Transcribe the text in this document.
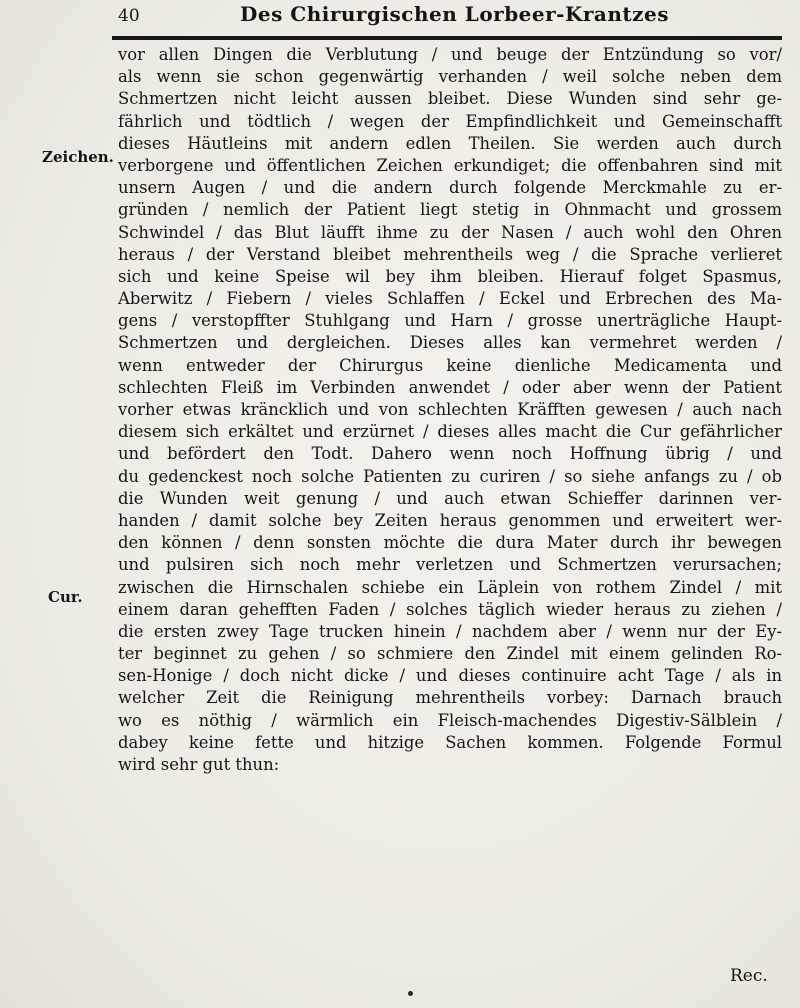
40	Des Chirurgischen Lorbeer-Krantzes
Zeichen.
Cur.
vor allen Dingen die Verblutung / und beuge der Entzündung so vor/
als wenn sie schon gegenwärtig verhanden / weil solche neben dem
Schmertzen nicht leicht aussen bleibet. Diese Wunden sind sehr ge-
fährlich und tödtlich / wegen der Empfindlichkeit und Gemeinschafft
dieses Häutleins mit andern edlen Theilen. Sie werden auch durch
verborgene und öffentlichen Zeichen erkundiget; die offenbahren sind mit
unsern Augen / und die andern durch folgende Merckmahle zu er-
gründen / nemlich der Patient liegt stetig in Ohnmacht und grossem
Schwindel / das Blut läufft ihme zu der Nasen / auch wohl den Ohren
heraus / der Verstand bleibet mehrentheils weg / die Sprache verlieret
sich und keine Speise wil bey ihm bleiben. Hierauf folget Spasmus,
Aberwitz / Fiebern / vieles Schlaffen / Eckel und Erbrechen des Ma-
gens / verstopffter Stuhlgang und Harn / grosse unerträgliche Haupt-
Schmertzen und dergleichen. Dieses alles kan vermehret werden /
wenn entweder der Chirurgus keine dienliche Medicamenta und
schlechten Fleiß im Verbinden anwendet / oder aber wenn der Patient
vorher etwas kräncklich und von schlechten Kräfften gewesen / auch nach
diesem sich erkältet und erzürnet / dieses alles macht die Cur gefährlicher
und befördert den Todt. Dahero wenn noch Hoffnung übrig / und
du gedenckest noch solche Patienten zu curiren / so siehe anfangs zu / ob
die Wunden weit genung / und auch etwan Schieffer darinnen ver-
handen / damit solche bey Zeiten heraus genommen und erweitert wer-
den können / denn sonsten möchte die dura Mater durch ihr bewegen
und pulsiren sich noch mehr verletzen und Schmertzen verursachen;
zwischen die Hirnschalen schiebe ein Läplein von rothem Zindel / mit
einem daran gehefften Faden / solches täglich wieder heraus zu ziehen /
die ersten zwey Tage trucken hinein / nachdem aber / wenn nur der Ey-
ter beginnet zu gehen / so schmiere den Zindel mit einem gelinden Ro-
sen-Honige / doch nicht dicke / und dieses continuire acht Tage / als in
welcher Zeit die Reinigung mehrentheils vorbey: Darnach brauch
wo es nöthig / wärmlich ein Fleisch-machendes Digestiv-Sälblein /
dabey keine fette und hitzige Sachen kommen. Folgende Formul
wird sehr gut thun:
Rec.
